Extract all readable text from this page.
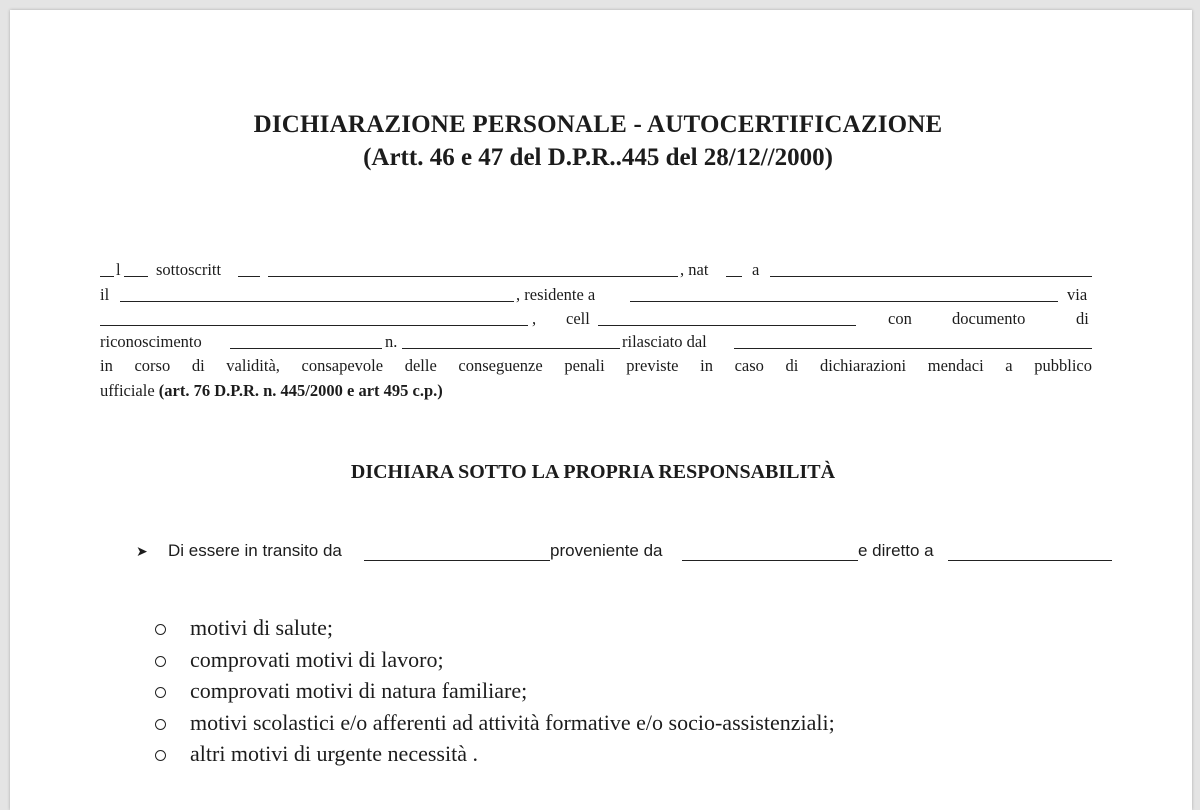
DICHIARAZIONE PERSONALE - AUTOCERTIFICAZIONE
(Artt. 46 e 47 del D.P.R..445 del 28/12//2000)
l sottoscritt	, nat	a
il	, residente a	via
, cell	con documento	di
riconoscimento	n.	rilasciato dal
in corso di validità, consapevole delle conseguenze penali previste in caso di dichiarazioni mendaci a pubblico
ufficiale (art. 76 D.P.R. n. 445/2000 e art 495 c.p.)
DICHIARA SOTTO LA PROPRIA RESPONSABILITÀ
➤ Di essere in transito da	proveniente da	e diretto a
motivi di salute;
comprovati motivi di lavoro;
comprovati motivi di natura familiare;
motivi scolastici e/o afferenti ad attività formative e/o socio-assistenziali;
altri motivi di urgente necessità .
